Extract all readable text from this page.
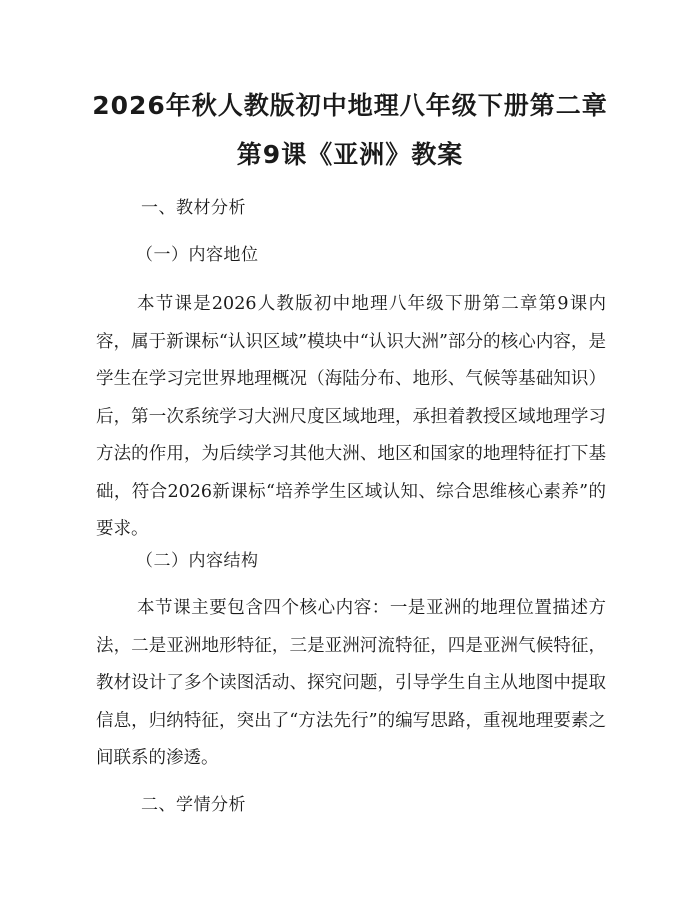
2026年秋人教版初中地理八年级下册第二章
第9课《亚洲》教案
一、教材分析
（一）内容地位

本节课是2026人教版初中地理八年级下册第二章第9课内容，属于新课标“认识区域”模块中“认识大洲”部分的核心内容，是学生在学习完世界地理概况（海陆分布、地形、气候等基础知识）后，第一次系统学习大洲尺度区域地理，承担着教授区域地理学习方法的作用，为后续学习其他大洲、地区和国家的地理特征打下基础，符合2026新课标“培养学生区域认知、综合思维核心素养”的要求。

（二）内容结构

本节课主要包含四个核心内容：一是亚洲的地理位置描述方法，二是亚洲地形特征，三是亚洲河流特征，四是亚洲气候特征，教材设计了多个读图活动、探究问题，引导学生自主从地图中提取信息，归纳特征，突出了“方法先行”的编写思路，重视地理要素之间联系的渗透。

二、学情分析
